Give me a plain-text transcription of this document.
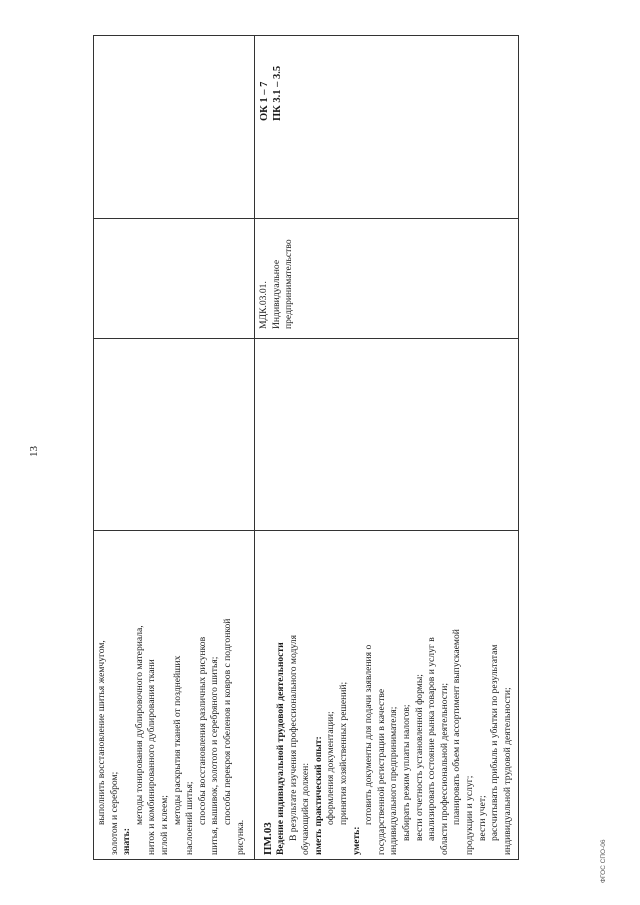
13
выполнить восстановление шитья жемчугом, золотом и серебром; знать:
методы тонирования дублировочного материала, ниток и комбинированного дублирования ткани иглой и клеем;
методы раскрытия тканей от позднейших наслоений шитья; способы восстановления различных рисунков шитья, вышивок, золотого и серебряного шитья; способы перекроя гобеленов и ковров с подгонкой
рисунка. ПМ.03 Ведение индивидуальной трудовой деятельности В результате изучения профессионального модуля обучающийся должен: иметь практический опыт: оформления документации; принятия хозяйственных решений;
уметь:
готовить документы для подачи заявления о государственной регистрации в качестве индивидуального предпринимателя; выбирать режим уплаты налогов; вести отчетность установленной формы; анализировать состояние рынка товаров и услуг в области профессиональной деятельности; планировать объем и ассортимент выпускаемой продукции и услуг; вести учет; рассчитывать прибыль и убытки по результатам индивидуальной трудовой деятельности;
МДК.03.01. Индивидуальное предпринимательство
ОК 1 – 7 ПК 3.1 – 3.5
ФГОС СПО-06
